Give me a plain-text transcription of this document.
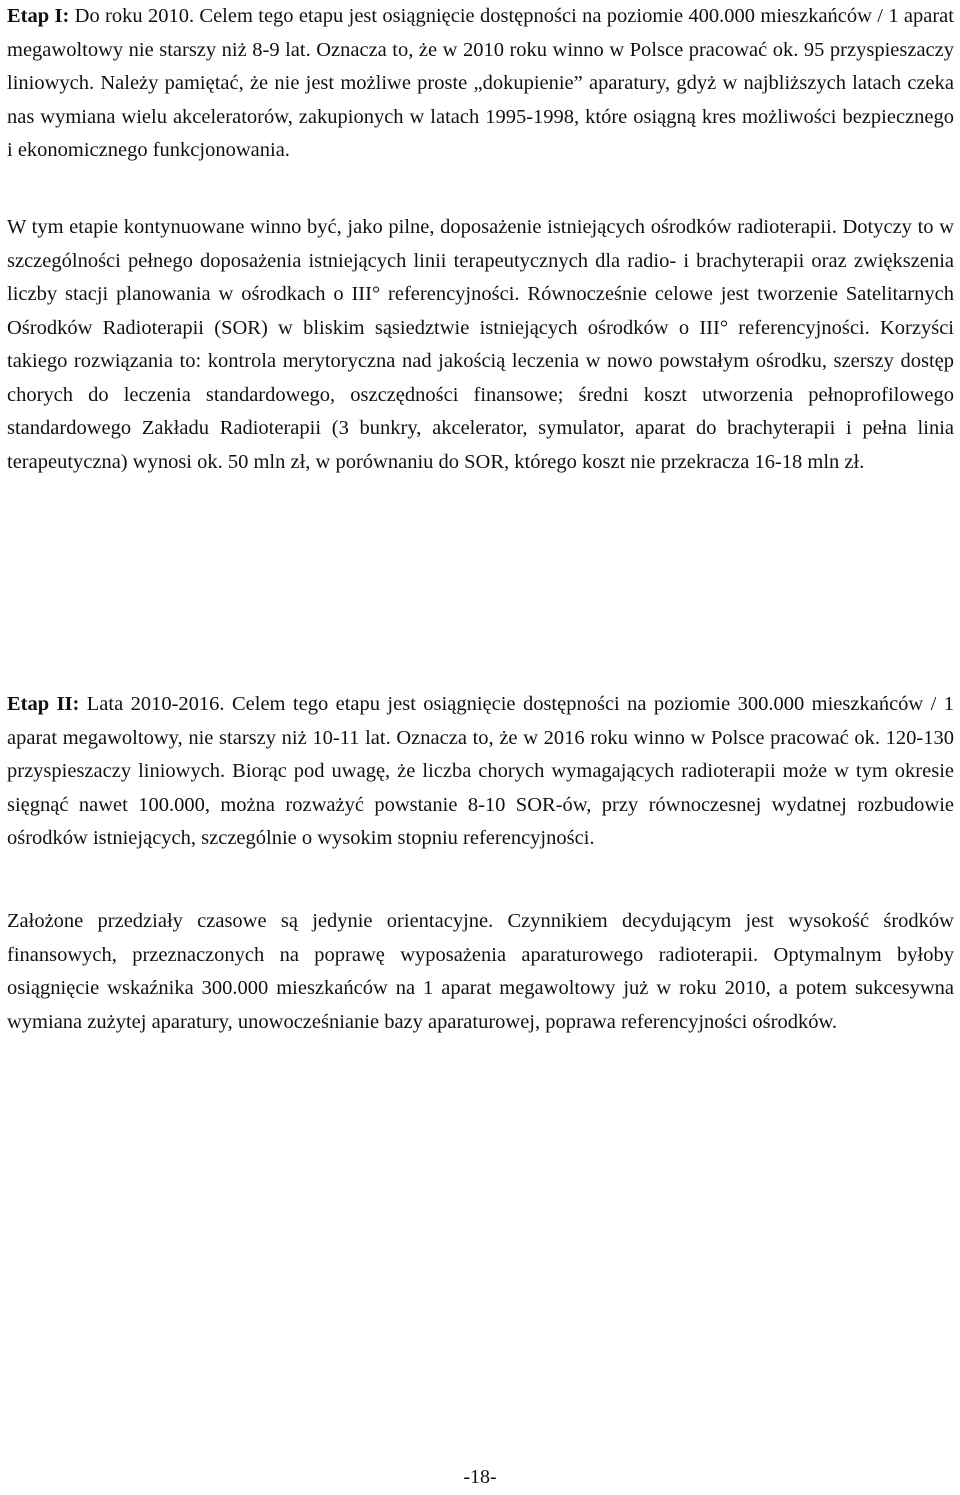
Etap I: Do roku 2010. Celem tego etapu jest osiągnięcie dostępności na poziomie 400.000 mieszkańców / 1 aparat megawoltowy nie starszy niż 8-9 lat. Oznacza to, że w 2010 roku winno w Polsce pracować ok. 95 przyspieszaczy liniowych. Należy pamiętać, że nie jest możliwe proste „dokupienie” aparatury, gdyż w najbliższych latach czeka nas wymiana wielu akceleratorów, zakupionych w latach 1995-1998, które osiągną kres możliwości bezpiecznego i ekonomicznego funkcjonowania.

W tym etapie kontynuowane winno być, jako pilne, doposażenie istniejących ośrodków radioterapii. Dotyczy to w szczególności pełnego doposażenia istniejących linii terapeutycznych dla radio- i brachyterapii oraz zwiększenia liczby stacji planowania w ośrodkach o III° referencyjności. Równocześnie celowe jest tworzenie Satelitarnych Ośrodków Radioterapii (SOR) w bliskim sąsiedztwie istniejących ośrodków o III° referencyjności. Korzyści takiego rozwiązania to: kontrola merytoryczna nad jakością leczenia w nowo powstałym ośrodku, szerszy dostęp chorych do leczenia standardowego, oszczędności finansowe; średni koszt utworzenia pełnoprofilowego standardowego Zakładu Radioterapii (3 bunkry, akcelerator, symulator, aparat do brachyterapii i pełna linia terapeutyczna) wynosi ok. 50 mln zł, w porównaniu do SOR, którego koszt nie przekracza 16-18 mln zł.

Etap II: Lata 2010-2016. Celem tego etapu jest osiągnięcie dostępności na poziomie 300.000 mieszkańców / 1 aparat megawoltowy, nie starszy niż 10-11 lat. Oznacza to, że w 2016 roku winno w Polsce pracować ok. 120-130 przyspieszaczy liniowych. Biorąc pod uwagę, że liczba chorych wymagających radioterapii może w tym okresie sięgnąć nawet 100.000, można rozważyć powstanie 8-10 SOR-ów, przy równoczesnej wydatnej rozbudowie ośrodków istniejących, szczególnie o wysokim stopniu referencyjności.

Założone przedziały czasowe są jedynie orientacyjne. Czynnikiem decydującym jest wysokość środków finansowych, przeznaczonych na poprawę wyposażenia aparaturowego radioterapii. Optymalnym byłoby osiągnięcie wskaźnika 300.000 mieszkańców na 1 aparat megawoltowy już w roku 2010, a potem sukcesywna wymiana zużytej aparatury, unowocześnianie bazy aparaturowej, poprawa referencyjności ośrodków.

-18-
